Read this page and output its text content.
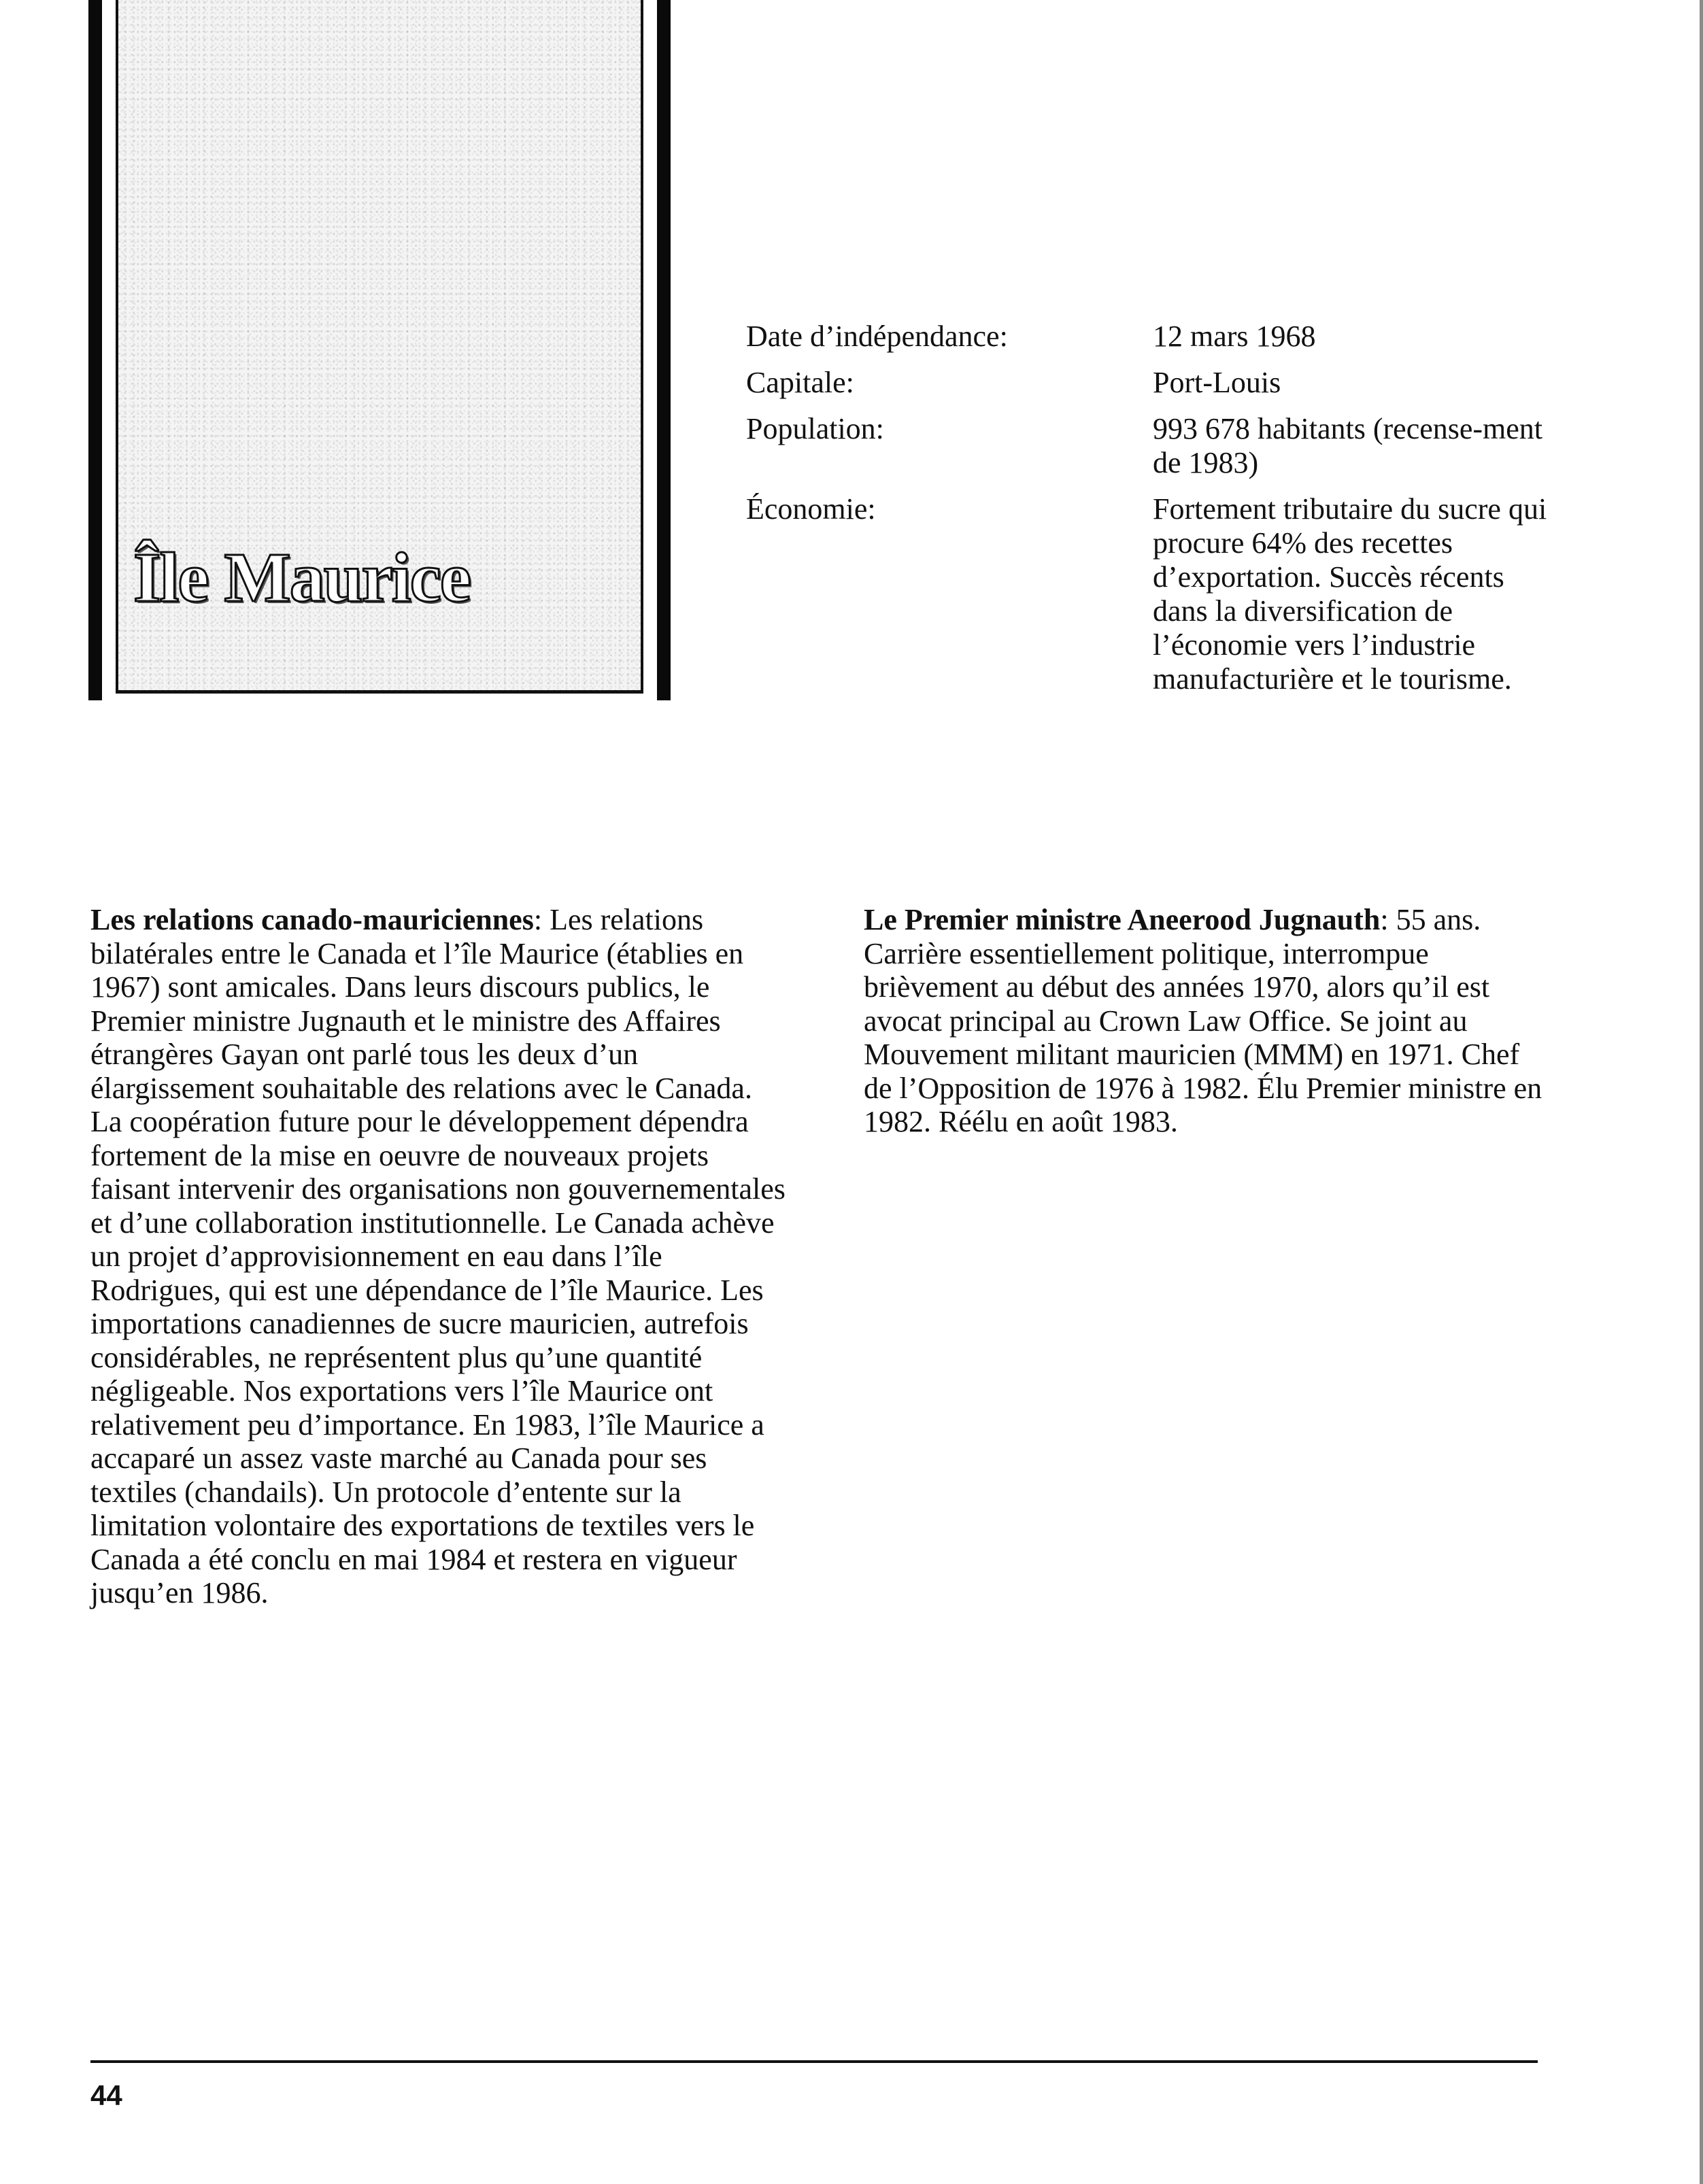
Île Maurice
Date d’indépendance:	12 mars 1968
Capitale:	Port-Louis
Population:	993 678 habitants (recense-ment de 1983)
Économie:	Fortement tributaire du sucre qui procure 64% des recettes d’exportation. Succès récents dans la diversification de l’économie vers l’industrie manufacturière et le tourisme.

Les relations canado-mauriciennes: Les relations bilatérales entre le Canada et l’île Maurice (établies en 1967) sont amicales. Dans leurs discours publics, le Premier ministre Jugnauth et le ministre des Affaires étrangères Gayan ont parlé tous les deux d’un élargissement souhaitable des relations avec le Canada. La coopération future pour le développement dépendra fortement de la mise en oeuvre de nouveaux projets faisant intervenir des organisations non gouvernementales et d’une collaboration institutionnelle. Le Canada achève un projet d’approvisionnement en eau dans l’île Rodrigues, qui est une dépendance de l’île Maurice. Les importations canadiennes de sucre mauricien, autrefois considérables, ne représentent plus qu’une quantité négligeable. Nos exportations vers l’île Maurice ont relativement peu d’importance. En 1983, l’île Maurice a accaparé un assez vaste marché au Canada pour ses textiles (chandails). Un protocole d’entente sur la limitation volontaire des exportations de textiles vers le Canada a été conclu en mai 1984 et restera en vigueur jusqu’en 1986.

Le Premier ministre Aneerood Jugnauth: 55 ans. Carrière essentiellement politique, interrompue brièvement au début des années 1970, alors qu’il est avocat principal au Crown Law Office. Se joint au Mouvement militant mauricien (MMM) en 1971. Chef de l’Opposition de 1976 à 1982. Élu Premier ministre en 1982. Réélu en août 1983.

44
